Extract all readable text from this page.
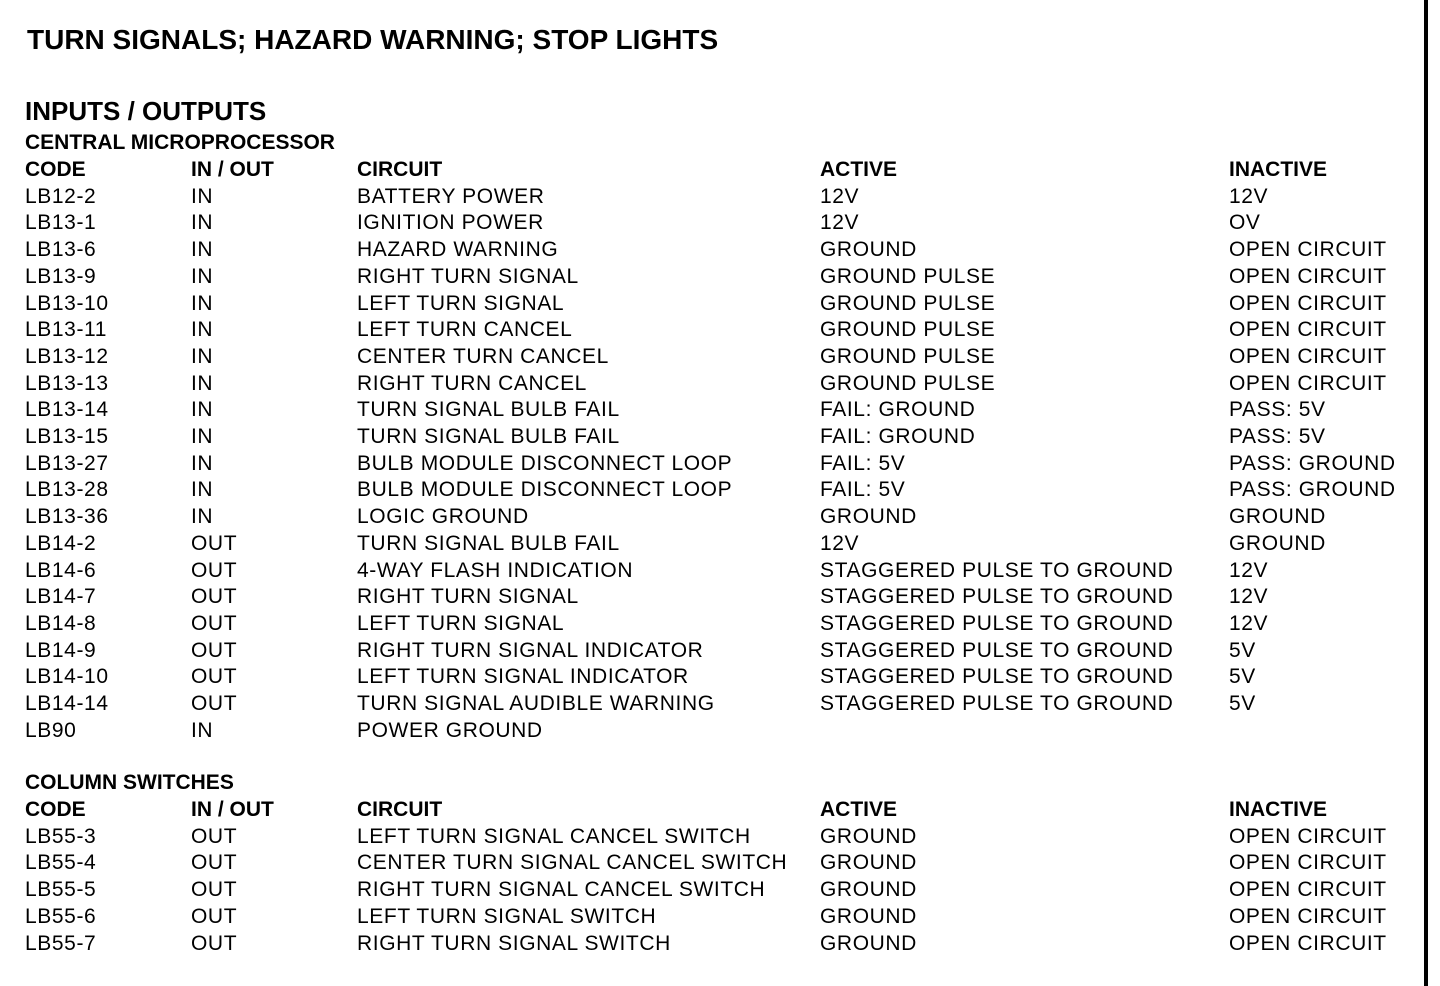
TURN SIGNALS; HAZARD WARNING; STOP LIGHTS
INPUTS / OUTPUTS
CENTRAL MICROPROCESSOR
CODE	IN / OUT	CIRCUIT	ACTIVE	INACTIVE
LB12-2	IN	BATTERY POWER	12V	12V
LB13-1	IN	IGNITION POWER	12V	OV
LB13-6	IN	HAZARD WARNING	GROUND	OPEN CIRCUIT
LB13-9	IN	RIGHT TURN SIGNAL	GROUND PULSE	OPEN CIRCUIT
LB13-10	IN	LEFT TURN SIGNAL	GROUND PULSE	OPEN CIRCUIT
LB13-11	IN	LEFT TURN CANCEL	GROUND PULSE	OPEN CIRCUIT
LB13-12	IN	CENTER TURN CANCEL	GROUND PULSE	OPEN CIRCUIT
LB13-13	IN	RIGHT TURN CANCEL	GROUND PULSE	OPEN CIRCUIT
LB13-14	IN	TURN SIGNAL BULB FAIL	FAIL: GROUND	PASS: 5V
LB13-15	IN	TURN SIGNAL BULB FAIL	FAIL: GROUND	PASS: 5V
LB13-27	IN	BULB MODULE DISCONNECT LOOP	FAIL: 5V	PASS: GROUND
LB13-28	IN	BULB MODULE DISCONNECT LOOP	FAIL: 5V	PASS: GROUND
LB13-36	IN	LOGIC GROUND	GROUND	GROUND
LB14-2	OUT	TURN SIGNAL BULB FAIL	12V	GROUND
LB14-6	OUT	4-WAY FLASH INDICATION	STAGGERED PULSE TO GROUND	12V
LB14-7	OUT	RIGHT TURN SIGNAL	STAGGERED PULSE TO GROUND	12V
LB14-8	OUT	LEFT TURN SIGNAL	STAGGERED PULSE TO GROUND	12V
LB14-9	OUT	RIGHT TURN SIGNAL INDICATOR	STAGGERED PULSE TO GROUND	5V
LB14-10	OUT	LEFT TURN SIGNAL INDICATOR	STAGGERED PULSE TO GROUND	5V
LB14-14	OUT	TURN SIGNAL AUDIBLE WARNING	STAGGERED PULSE TO GROUND	5V
LB90	IN	POWER GROUND		
COLUMN SWITCHES
CODE	IN / OUT	CIRCUIT	ACTIVE	INACTIVE
LB55-3	OUT	LEFT TURN SIGNAL CANCEL SWITCH	GROUND	OPEN CIRCUIT
LB55-4	OUT	CENTER TURN SIGNAL CANCEL SWITCH	GROUND	OPEN CIRCUIT
LB55-5	OUT	RIGHT TURN SIGNAL CANCEL SWITCH	GROUND	OPEN CIRCUIT
LB55-6	OUT	LEFT TURN SIGNAL SWITCH	GROUND	OPEN CIRCUIT
LB55-7	OUT	RIGHT TURN SIGNAL SWITCH	GROUND	OPEN CIRCUIT
